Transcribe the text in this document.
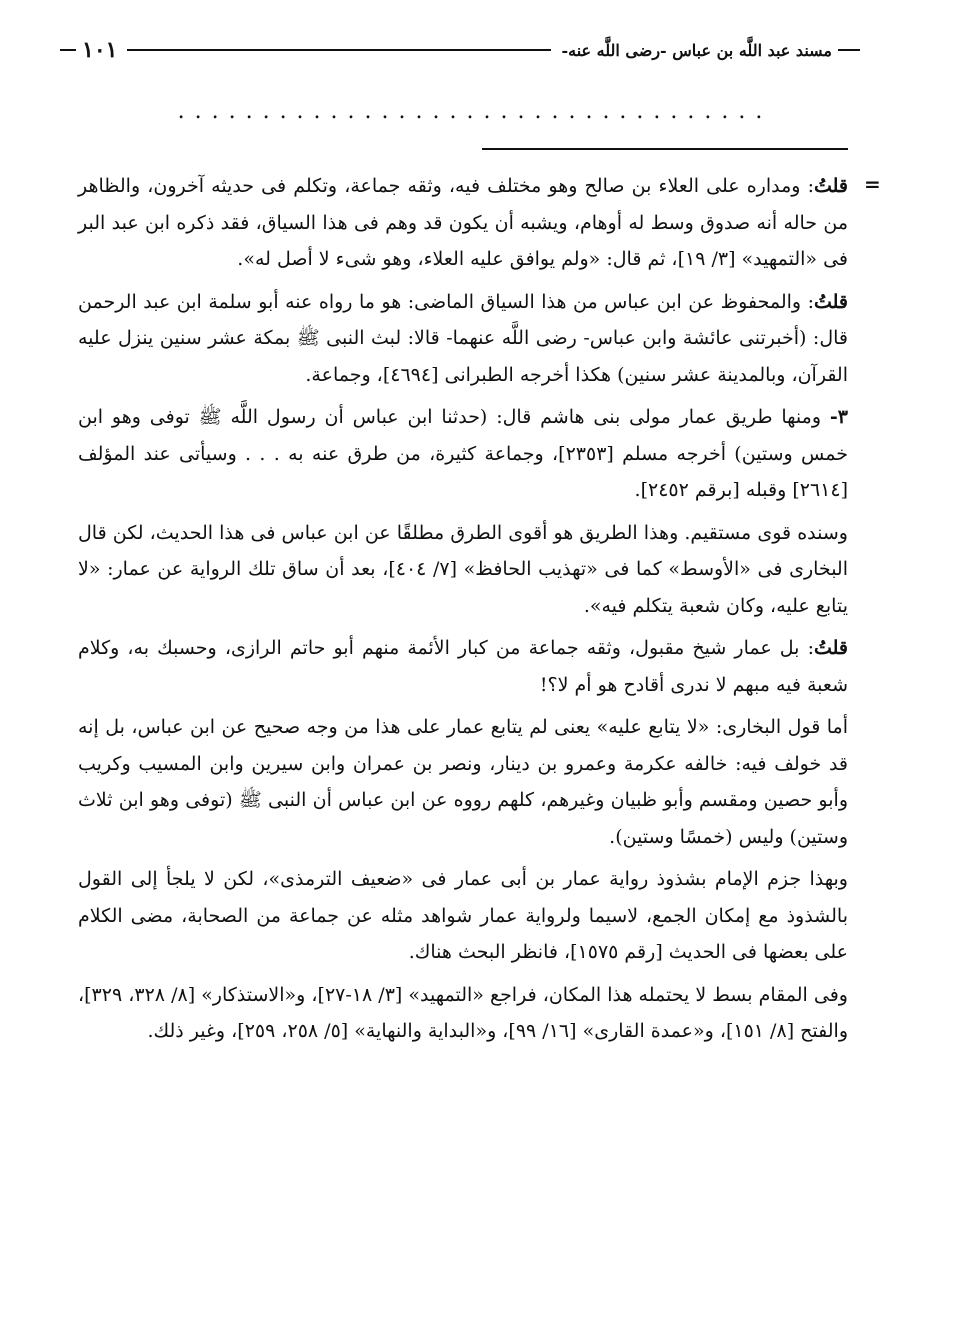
مسند عبد اللَّه بن عباس -رضى اللَّه عنه-
١٠١
...................................
=

قلتُ: ومداره على العلاء بن صالح وهو مختلف فيه، وثقه جماعة، وتكلم فى حديثه آخرون، والظاهر من حاله أنه صدوق وسط له أوهام، ويشبه أن يكون قد وهم فى هذا السياق، فقد ذكره ابن عبد البر فى «التمهيد» [٣/ ١٩]، ثم قال: «ولم يوافق عليه العلاء، وهو شىء لا أصل له».

قلتُ: والمحفوظ عن ابن عباس من هذا السياق الماضى: هو ما رواه عنه أبو سلمة ابن عبد الرحمن قال: (أخبرتنى عائشة وابن عباس- رضى اللَّه عنهما- قالا: لبث النبى ﷺ بمكة عشر سنين ينزل عليه القرآن، وبالمدينة عشر سنين) هكذا أخرجه الطبرانى [٤٦٩٤]، وجماعة.

٣- ومنها طريق عمار مولى بنى هاشم قال: (حدثنا ابن عباس أن رسول اللَّه ﷺ توفى وهو ابن خمس وستين) أخرجه مسلم [٢٣٥٣]، وجماعة كثيرة، من طرق عنه به . . . وسيأتى عند المؤلف [٢٦١٤] وقبله [برقم ٢٤٥٢].

وسنده قوى مستقيم. وهذا الطريق هو أقوى الطرق مطلقًا عن ابن عباس فى هذا الحديث، لكن قال البخارى فى «الأوسط» كما فى «تهذيب الحافظ» [٧/ ٤٠٤]، بعد أن ساق تلك الرواية عن عمار: «لا يتابع عليه، وكان شعبة يتكلم فيه».

قلتُ: بل عمار شيخ مقبول، وثقه جماعة من كبار الأئمة منهم أبو حاتم الرازى، وحسبك به، وكلام شعبة فيه مبهم لا ندرى أقادح هو أم لا؟!

أما قول البخارى: «لا يتابع عليه» يعنى لم يتابع عمار على هذا من وجه صحيح عن ابن عباس، بل إنه قد خولف فيه: خالفه عكرمة وعمرو بن دينار، ونصر بن عمران وابن سيرين وابن المسيب وكريب وأبو حصين ومقسم وأبو ظبيان وغيرهم، كلهم رووه عن ابن عباس أن النبى ﷺ (توفى وهو ابن ثلاث وستين) وليس (خمسًا وستين).

وبهذا جزم الإمام بشذوذ رواية عمار بن أبى عمار فى «ضعيف الترمذى»، لكن لا يلجأ إلى القول بالشذوذ مع إمكان الجمع، لاسيما ولرواية عمار شواهد مثله عن جماعة من الصحابة، مضى الكلام على بعضها فى الحديث [رقم ١٥٧٥]، فانظر البحث هناك.

وفى المقام بسط لا يحتمله هذا المكان، فراجع «التمهيد» [٣/ ١٨-٢٧]، و«الاستذكار» [٨/ ٣٢٨، ٣٢٩]، والفتح [٨/ ١٥١]، و«عمدة القارى» [١٦/ ٩٩]، و«البداية والنهاية» [٥/ ٢٥٨، ٢٥٩]، وغير ذلك.
